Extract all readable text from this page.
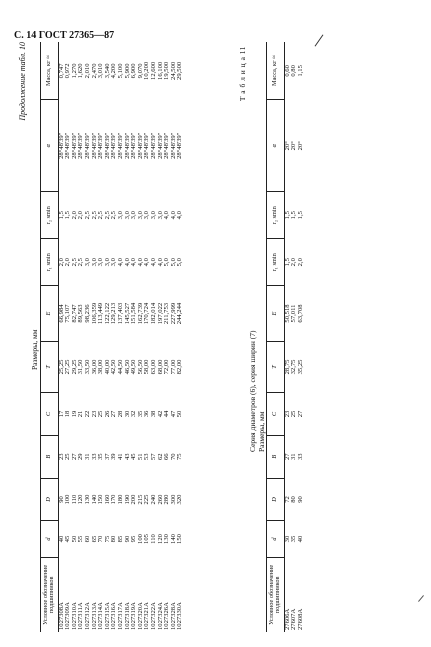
С. 14 ГОСТ 27365—87
Продолжение табл. 10
Размеры, мм
Условное обозначение подшипников	d	D	B	C	T	E	r₁ smin	r₂ smin	α	Масса, кг ≈
1027308A	40	90	23	17	25,25	66,984	2,0	1,5	28°48'39"	0,747
1027309A	45	100	25	18	27,25	75,107	2,0	1,5	28°48'39"	0,972
1027310A	50	110	27	19	29,25	82,747	2,5	2,0	28°48'39"	1,270
1027311A	55	120	29	21	31,50	89,563	2,5	2,0	28°48'39"	1,620
1027312A	60	130	31	22	33,50	98,236	3,0	2,5	28°48'39"	2,010
1027313A	65	140	33	23	36,00	106,359	3,0	2,5	28°48'39"	2,470
1027314A	70	150	35	25	38,00	113,449	3,0	2,5	28°48'39"	3,010
1027315A	75	160	37	26	40,00	122,122	3,0	2,5	28°48'39"	3,540
1027316A	80	170	39	27	42,50	129,213	3,0	2,5	28°48'39"	4,200
1027317A	85	180	41	28	44,50	137,403	4,0	3,0	28°48'39"	5,100
1027318A	90	190	43	30	46,50	145,527	4,0	3,0	28°48'39"	5,900
1027319A	95	200	45	32	49,50	151,584	4,0	3,0	28°48'39"	6,900
1027320A	100	215	51	35	56,50	162,739	4,0	3,0	28°48'39"	9,070
1027321A	105	225	53	36	58,00	170,724	4,0	3,0	28°48'39"	10,200
1027322A	110	240	57	38	63,00	182,014	4,0	3,0	28°48'39"	12,600
1027324A	120	260	62	42	68,00	197,022	4,0	3,0	28°48'39"	16,100
1027326A	130	280	66	44	72,00	211,753	5,0	4,0	28°48'39"	19,500
1027328A	140	300	70	47	77,00	227,999	5,0	4,0	28°48'39"	24,500
1027330A	150	320	75	50	82,00	244,244	5,0	4,0	28°48'39"	29,500	Т а б л и ц а 11
Серия диаметров (6), серия ширин (7) Размеры, мм
Условное обозначение подшипников	d	D	B	C	T	E	r₁ smin	r₂ smin	α	Масса, кг ≈
27606A	30	72	27	23	28,75	50,518	1,5	1,5	20°	0,60
27607A	35	80	31	25	32,75	57,011	2,0	1,5	20°	0,80
27608A	40	90	33	27	35,25	63,708	2,0	1,5	20°	1,15
